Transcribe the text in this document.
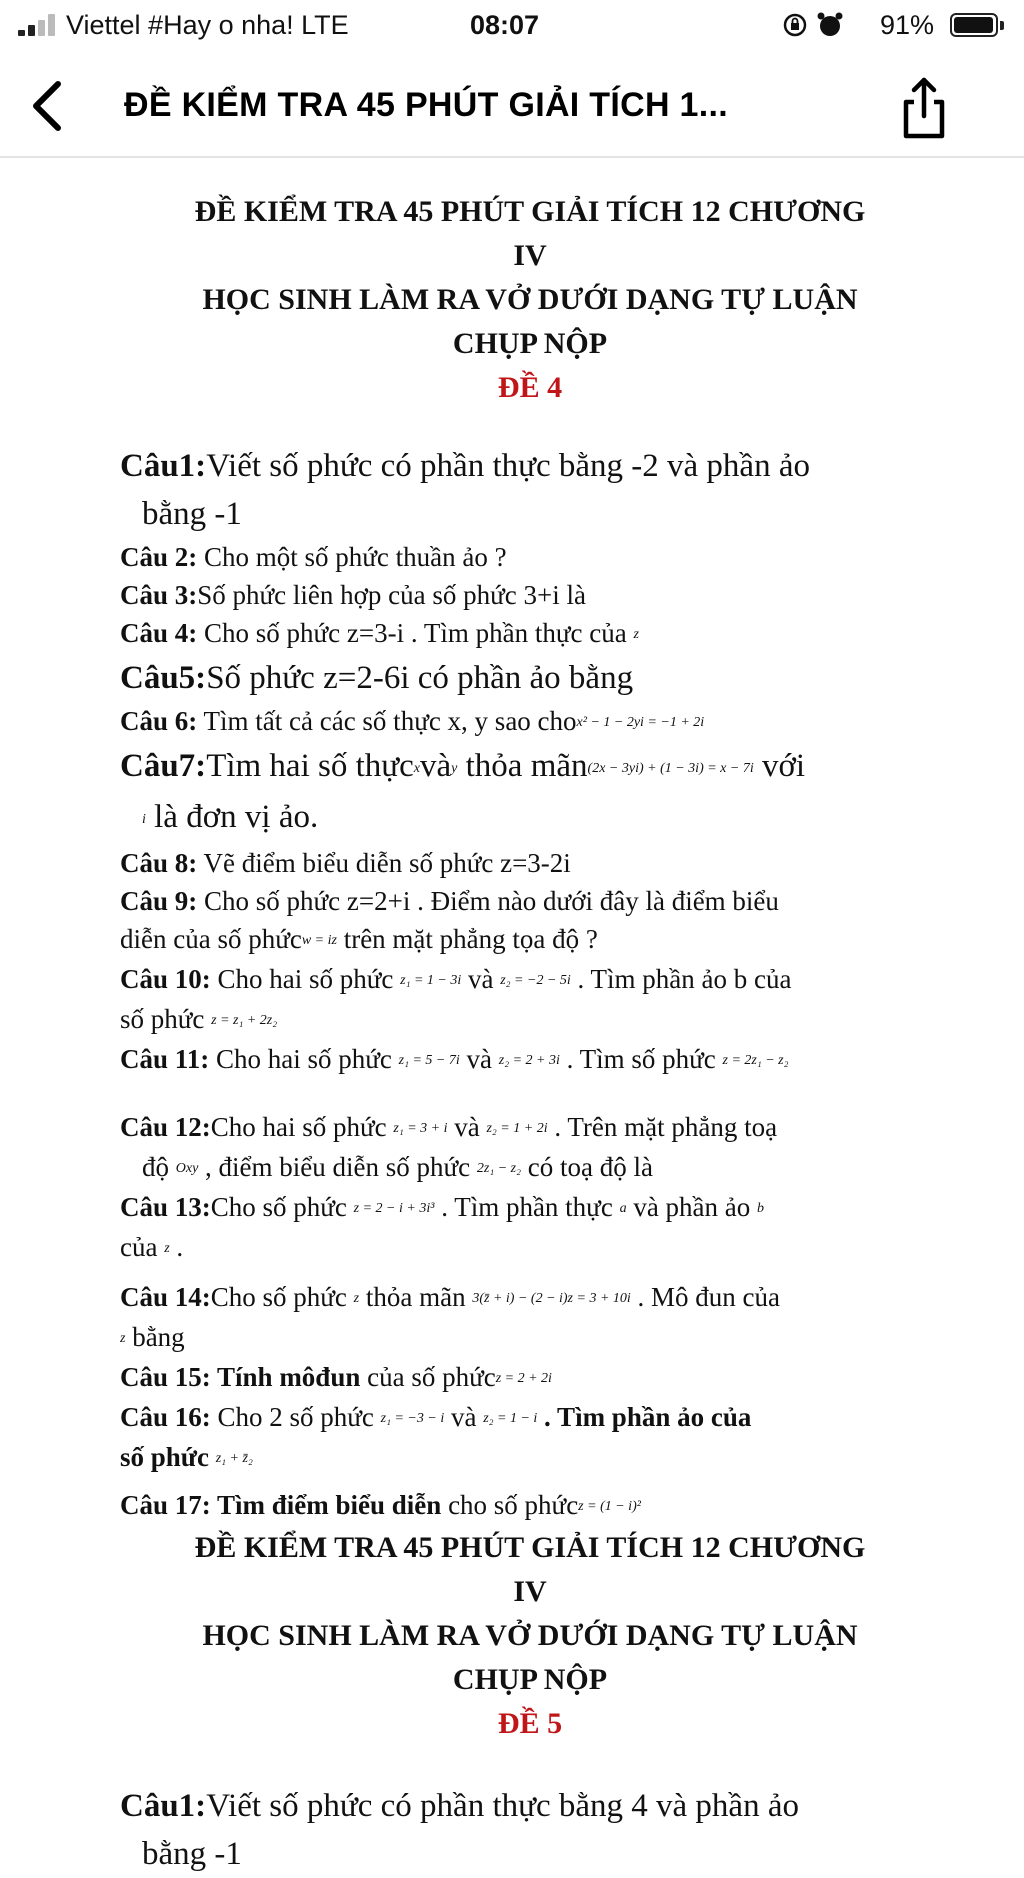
Viettel #Hay o nha! LTE	08:07	91%
ĐỀ KIỂM TRA 45 PHÚT GIẢI TÍCH 1...
ĐỀ KIỂM TRA 45 PHÚT GIẢI TÍCH 12 CHƯƠNG
IV
HỌC SINH LÀM RA VỞ DƯỚI DẠNG TỰ LUẬN
CHỤP NỘP
ĐỀ 4
Câu1:Viết số phức có phần thực bằng -2 và phần ảo
bằng -1
Câu 2: Cho một số phức thuần ảo ?
Câu 3:Số phức liên hợp của số phức 3+i là
Câu 4: Cho số phức z=3-i . Tìm phần thực của z
Câu5:Số phức z=2-6i có phần ảo bằng
Câu 6: Tìm tất cả các số thực x, y sao chox² − 1 − 2yi = −1 + 2i
Câu7:Tìm hai số thựcxvày thỏa mãn(2x − 3yi) + (1 − 3i) = x − 7i với
i là đơn vị ảo.
Câu 8: Vẽ điểm biểu diễn số phức z=3-2i
Câu 9: Cho số phức z=2+i . Điểm nào dưới đây là điểm biểu
diễn của số phứcw = iz trên mặt phẳng tọa độ ?
Câu 10: Cho hai số phức z₁ = 1 − 3i và z₂ = −2 − 5i . Tìm phần ảo b của
số phức z = z₁ + 2z₂
Câu 11: Cho hai số phức z₁ = 5 − 7i và z₂ = 2 + 3i . Tìm số phức z = 2z₁ − z₂
Câu 12:Cho hai số phức z₁ = 3 + i và z₂ = 1 + 2i . Trên mặt phẳng toạ
độ Oxy , điểm biểu diễn số phức 2z₁ − z₂ có toạ độ là
Câu 13:Cho số phức z = 2 − i + 3i³ . Tìm phần thực a và phần ảo b
của z .
Câu 14:Cho số phức z thỏa mãn 3(z̄ + i) − (2 − i)z = 3 + 10i . Mô đun của
z bằng
Câu 15: Tính môđun của số phứcz = 2 + 2i
Câu 16: Cho 2 số phức z₁ = −3 − i và z₂ = 1 − i . Tìm phần ảo của
số phức z₁ + z̄₂
Câu 17: Tìm điểm biểu diễn cho số phứcz = (1 − i)²
ĐỀ KIỂM TRA 45 PHÚT GIẢI TÍCH 12 CHƯƠNG
IV
HỌC SINH LÀM RA VỞ DƯỚI DẠNG TỰ LUẬN
CHỤP NỘP
ĐỀ 5
Câu1:Viết số phức có phần thực bằng 4 và phần ảo
bằng -1
